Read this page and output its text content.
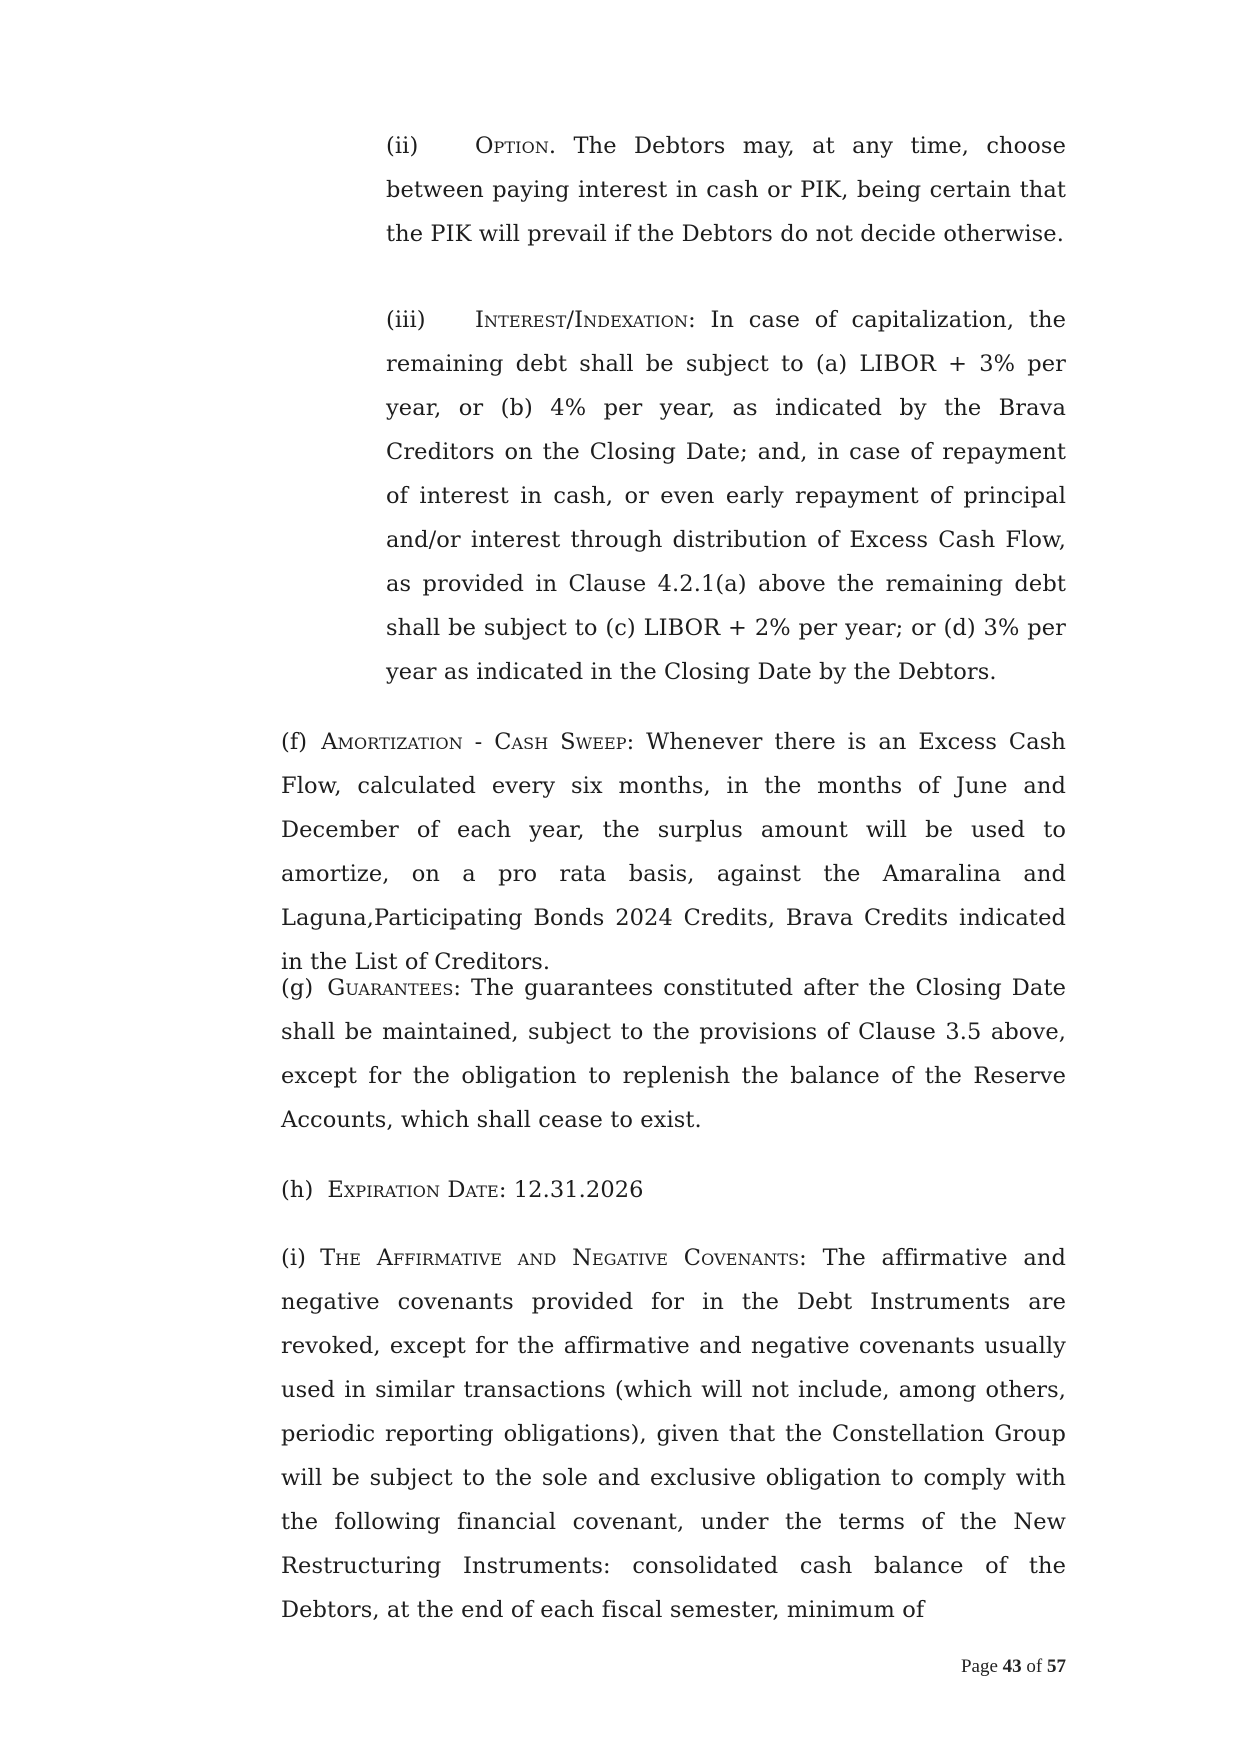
(ii)	Option. The Debtors may, at any time, choose between paying interest in cash or PIK, being certain that the PIK will prevail if the Debtors do not decide otherwise.

(iii) Interest/Indexation: In case of capitalization, the remaining debt shall be subject to (a) LIBOR + 3% per year, or (b) 4% per year, as indicated by the Brava Creditors on the Closing Date; and, in case of repayment of interest in cash, or even early repayment of principal and/or interest through distribution of Excess Cash Flow, as provided in Clause 4.2.1(a) above the remaining debt shall be subject to (c) LIBOR + 2% per year; or (d) 3% per year as indicated in the Closing Date by the Debtors.

(f) Amortization - Cash Sweep: Whenever there is an Excess Cash Flow, calculated every six months, in the months of June and December of each year, the surplus amount will be used to amortize, on a pro rata basis, against the Amaralina and Laguna,Participating Bonds 2024 Credits, Brava Credits indicated in the List of Creditors.

(g) Guarantees: The guarantees constituted after the Closing Date shall be maintained, subject to the provisions of Clause 3.5 above, except for the obligation to replenish the balance of the Reserve Accounts, which shall cease to exist.

(h) Expiration Date: 12.31.2026

(i) The Affirmative and Negative Covenants: The affirmative and negative covenants provided for in the Debt Instruments are revoked, except for the affirmative and negative covenants usually used in similar transactions (which will not include, among others, periodic reporting obligations), given that the Constellation Group will be subject to the sole and exclusive obligation to comply with the following financial covenant, under the terms of the New Restructuring Instruments: consolidated cash balance of the Debtors, at the end of each fiscal semester, minimum of

Page 43 of 57
